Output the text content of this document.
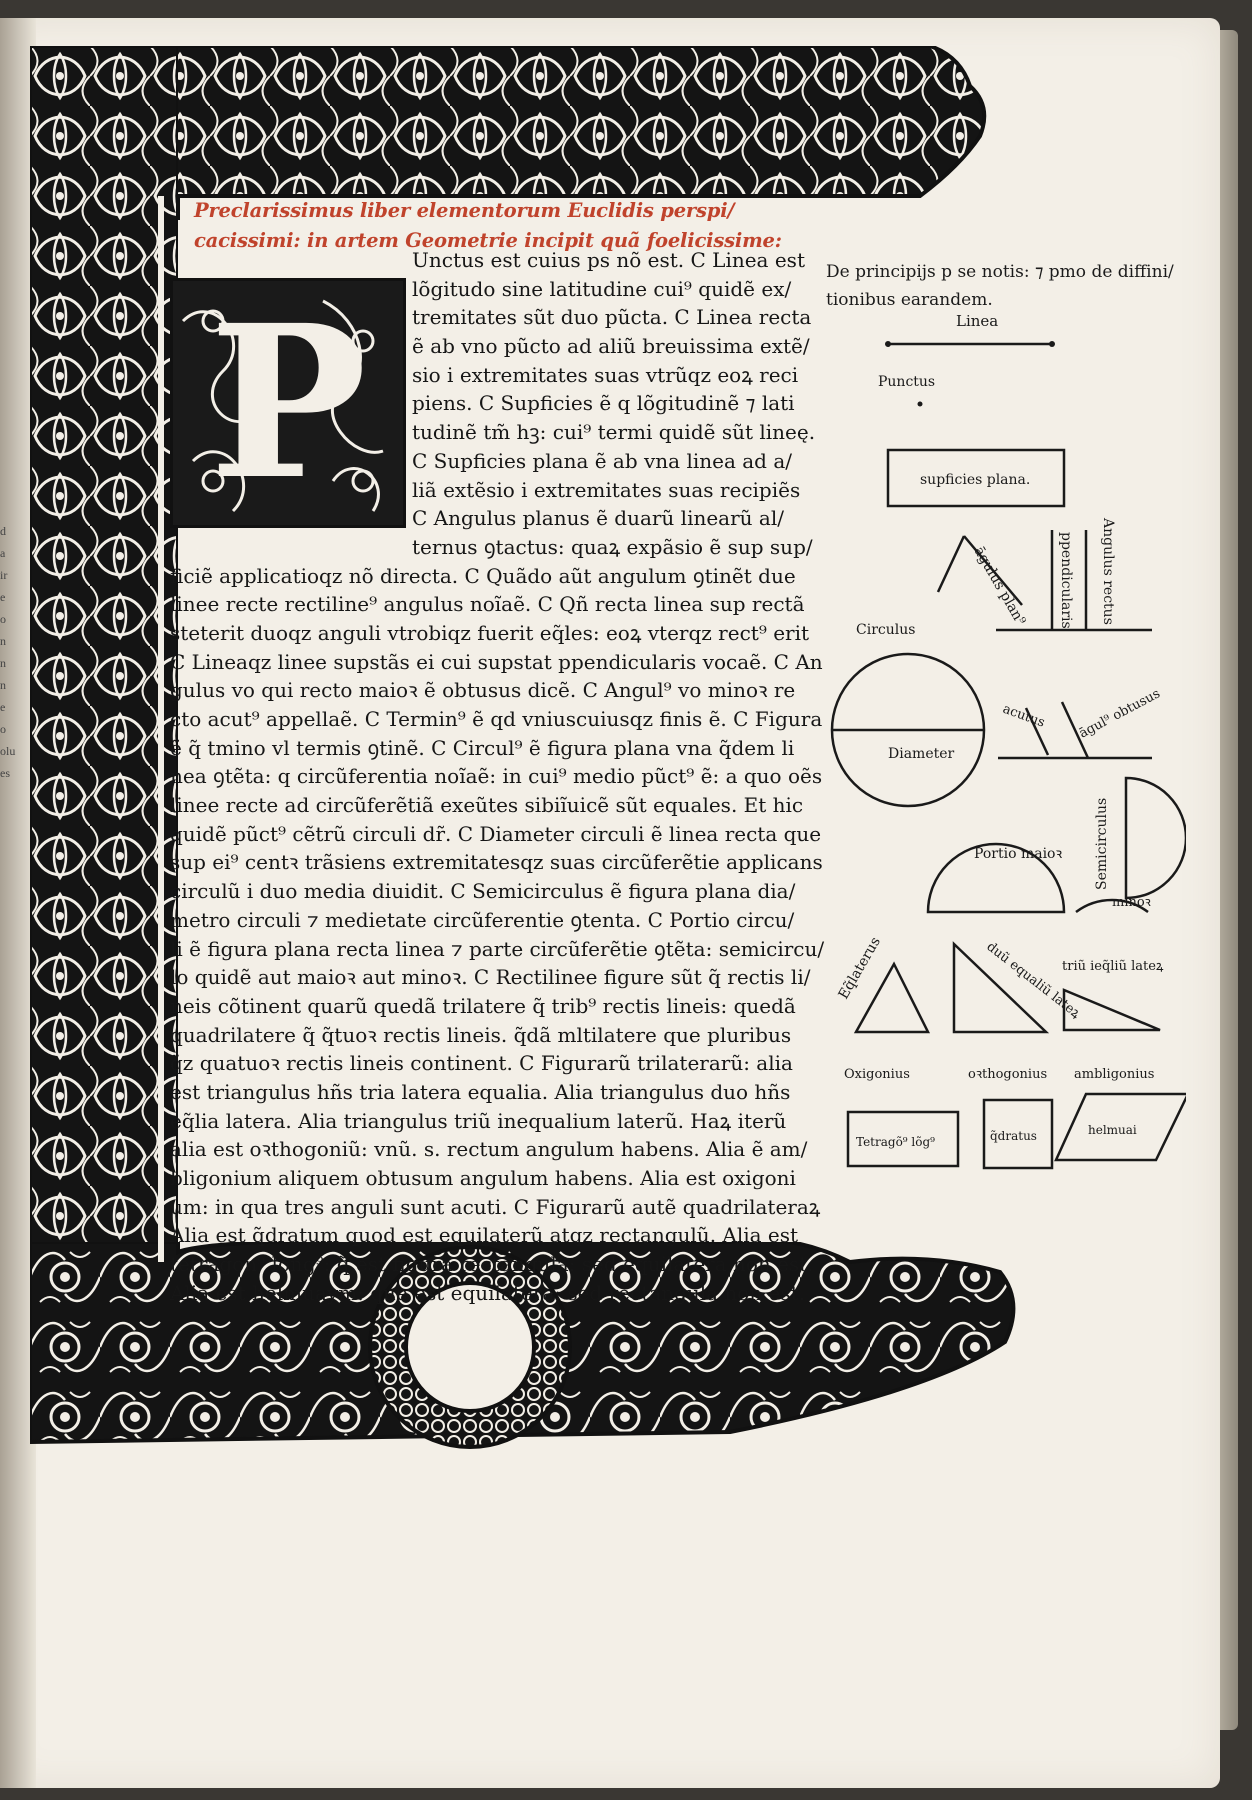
d
a
ir
e
o
n
n
n
e
o
olu
es
Preclarissimus liber elementorum Euclidis perspi/
cacissimi: in artem Geometrie incipit quã foelicissime:
P
Unctus est cuius ps nõ est. C Linea est
lõgitudo sine latitudine cui⁹ quidẽ ex/
tremitates sũt duo pũcta. C Linea recta
ẽ ab vno pũcto ad aliũ breuissima extẽ/
sio i extremitates suas vtrũqz eoꝝ reci
piens. C Supficies ẽ q lõgitudinẽ ⁊ lati
tudinẽ tm̃ hꝫ: cui⁹ termi quidẽ sũt lineę.
C Supficies plana ẽ ab vna linea ad a/
liã extẽsio i extremitates suas recipiẽs
C Angulus planus ẽ duarũ linearũ al/
ternus ꝯtactus: quaꝝ expãsio ẽ sup sup/
ficiẽ applicatioqz nõ directa. C Quãdo aũt angulum ꝯtinẽt due
linee recte rectiline⁹ angulus noĩaẽ. C Qñ recta linea sup rectã
steterit duoqz anguli vtrobiqz fuerit eq̃les: eoꝝ vterqz rect⁹ erit
C Lineaqz linee supstãs ei cui supstat ppendicularis vocaẽ. C An
gulus vo qui recto maioꝛ ẽ obtusus dicẽ. C Angul⁹ vo minoꝛ re
cto acut⁹ appellaẽ. C Termin⁹ ẽ qd vniuscuiusqz finis ẽ. C Figura
ẽ q̃ tmino vl termis ꝯtinẽ. C Circul⁹ ẽ figura plana vna q̃dem li
nea ꝯtẽta: q circũferentia noĩaẽ: in cui⁹ medio pũct⁹ ẽ: a quo oẽs
linee recte ad circũferẽtiã exeũtes sibiĩuicẽ sũt equales. Et hic
quidẽ pũct⁹ cẽtrũ circuli dr̃. C Diameter circuli ẽ linea recta que
sup ei⁹ centꝛ trãsiens extremitatesqz suas circũferẽtie applicans
circulũ i duo media diuidit. C Semicirculus ẽ figura plana dia/
metro circuli ⁊ medietate circũferentie ꝯtenta. C Portio circu/
li ẽ figura plana recta linea ⁊ parte circũferẽtie ꝯtẽta: semicircu/
lo quidẽ aut maioꝛ aut minoꝛ. C Rectilinee figure sũt q̃ rectis li/
neis cõtinent quarũ quedã trilatere q̃ trib⁹ rectis lineis: quedã
quadrilatere q̃ q̃tuoꝛ rectis lineis. q̃dã mltilatere que pluribus
q̃z quatuoꝛ rectis lineis continent. C Figurarũ trilaterarũ: alia
est triangulus hñs tria latera equalia. Alia triangulus duo hñs
eq̃lia latera. Alia triangulus triũ inequalium laterũ. Haꝝ iterũ
alia est oꝛthogoniũ: vnũ. s. rectum angulum habens. Alia ẽ am/
bligonium aliquem obtusum angulum habens. Alia est oxigoni
um: in qua tres anguli sunt acuti. C Figurarũ autẽ quadrilateraꝝ
Alia est q̃dratum quod est equilaterũ atqz rectangulũ. Alia est
tetragon⁹ long⁹: q̃ est figura rectangula: sed equilatera non est.
Alia est helmuaym: que est equilatera: sed rectangula non est.
De principijs p se notis: ⁊ pmo de diffini/
tionibus earandem.
Linea
Punctus
supficies plana.
āgulus plan⁹ ppendicularis Angulus rectus
Circulus
Diameter
acutus āgul⁹ obtusus
Portio maioꝛ Semicirculus
minoꝛ
Eq̃laterus	duũ equaliũ lateꝝ
triũ ieq̃liũ lateꝝ
Oxigonius	oꝛthogonius ambligonius
Tetragõ⁹ lõg⁹	q̃dratus	helmuai
